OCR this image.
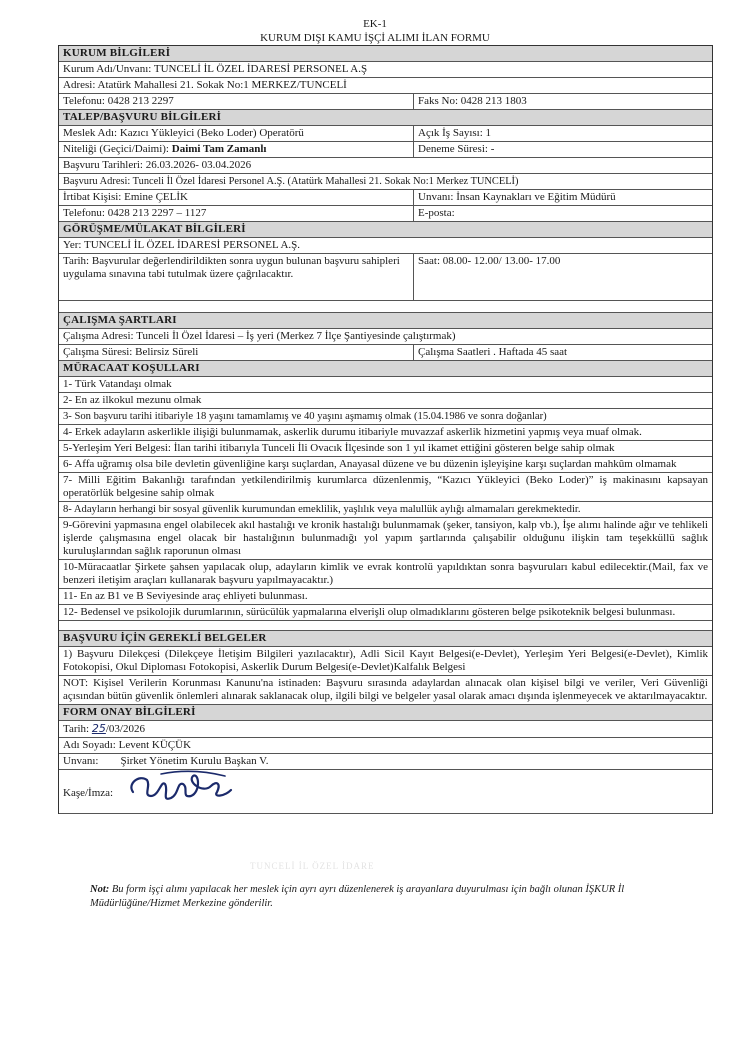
EK-1
KURUM DIŞI KAMU İŞÇİ ALIMI İLAN FORMU
KURUM BİLGİLERİ
Kurum Adı/Unvanı: TUNCELİ İL ÖZEL İDARESİ PERSONEL A.Ş
Adresi: Atatürk Mahallesi 21. Sokak No:1 MERKEZ/TUNCELİ
Telefonu: 0428 213 2297	Faks No: 0428 213 1803
TALEP/BAŞVURU BİLGİLERİ
Meslek Adı: Kazıcı Yükleyici (Beko Loder) Operatörü	Açık İş Sayısı: 1
Niteliği (Geçici/Daimi): Daimi Tam Zamanlı	Deneme Süresi: -
Başvuru Tarihleri: 26.03.2026- 03.04.2026
Başvuru Adresi: Tunceli İl Özel İdaresi Personel A.Ş. (Atatürk Mahallesi 21. Sokak No:1 Merkez TUNCELİ)
İrtibat Kişisi: Emine ÇELİK	Unvanı: İnsan Kaynakları ve Eğitim Müdürü
Telefonu: 0428 213 2297 – 1127	E-posta:
GÖRÜŞME/MÜLAKAT BİLGİLERİ
Yer: TUNCELİ İL ÖZEL İDARESİ PERSONEL A.Ş.
Tarih: Başvurular değerlendirildikten sonra uygun bulunan başvuru sahipleri uygulama sınavına tabi tutulmak üzere çağrılacaktır.
Saat: 08.00- 12.00/ 13.00- 17.00
ÇALIŞMA ŞARTLARI
Çalışma Adresi: Tunceli İl Özel İdaresi – İş yeri (Merkez 7 İlçe Şantiyesinde çalıştırmak)
Çalışma Süresi: Belirsiz Süreli	Çalışma Saatleri . Haftada 45 saat
MÜRACAAT KOŞULLARI
1- Türk Vatandaşı olmak
2- En az ilkokul mezunu olmak
3- Son başvuru tarihi itibariyle 18 yaşını tamamlamış ve 40 yaşını aşmamış olmak (15.04.1986 ve sonra doğanlar)
4- Erkek adayların askerlikle ilişiği bulunmamak, askerlik durumu itibariyle muvazzaf askerlik hizmetini yapmış veya muaf olmak.
5-Yerleşim Yeri Belgesi: İlan tarihi itibarıyla Tunceli İli Ovacık İlçesinde son 1 yıl ikamet ettiğini gösteren belge sahip olmak
6- Affa uğramış olsa bile devletin güvenliğine karşı suçlardan, Anayasal düzene ve bu düzenin işleyişine karşı suçlardan mahkûm olmamak
7- Milli Eğitim Bakanlığı tarafından yetkilendirilmiş kurumlarca düzenlenmiş, “Kazıcı Yükleyici (Beko Loder)” iş makinasını kapsayan operatörlük belgesine sahip olmak
8- Adayların herhangi bir sosyal güvenlik kurumundan emeklilik, yaşlılık veya malullük aylığı almamaları gerekmektedir.
9-Görevini yapmasına engel olabilecek akıl hastalığı ve kronik hastalığı bulunmamak (şeker, tansiyon, kalp vb.), İşe alımı halinde ağır ve tehlikeli işlerde çalışmasına engel olacak bir hastalığının bulunmadığı yol yapım şartlarında çalışabilir olduğunu ilişkin tam teşekküllü sağlık kuruluşlarından sağlık raporunun olması
10-Müracaatlar Şirkete şahsen yapılacak olup, adayların kimlik ve evrak kontrolü yapıldıktan sonra başvuruları kabul edilecektir.(Mail, fax ve benzeri iletişim araçları kullanarak başvuru yapılmayacaktır.)
11- En az B1 ve B Seviyesinde araç ehliyeti bulunması.
12- Bedensel ve psikolojik durumlarının, sürücülük yapmalarına elverişli olup olmadıklarını gösteren belge psikoteknik belgesi bulunması.
BAŞVURU İÇİN GEREKLİ BELGELER
1) Başvuru Dilekçesi (Dilekçeye İletişim Bilgileri yazılacaktır), Adli Sicil Kayıt Belgesi(e-Devlet), Yerleşim Yeri Belgesi(e-Devlet), Kimlik Fotokopisi, Okul Diploması Fotokopisi, Askerlik Durum Belgesi(e-Devlet)Kalfalık Belgesi
NOT: Kişisel Verilerin Korunması Kanunu'na istinaden: Başvuru sırasında adaylardan alınacak olan kişisel bilgi ve veriler, Veri Güvenliği açısından bütün güvenlik önlemleri alınarak saklanacak olup, ilgili bilgi ve belgeler yasal olarak amacı dışında işlenmeyecek ve aktarılmayacaktır.
FORM ONAY BİLGİLERİ
Tarih: 25/03/2026
Adı Soyadı: Levent KÜÇÜK
Unvanı: Şirket Yönetim Kurulu Başkan V.
Kaşe/İmza:
TUNCELİ İL ÖZEL İDARE
Not: Bu form işçi alımı yapılacak her meslek için ayrı ayrı düzenlenerek iş arayanlara duyurulması için bağlı olunan İŞKUR İl Müdürlüğüne/Hizmet Merkezine gönderilir.
